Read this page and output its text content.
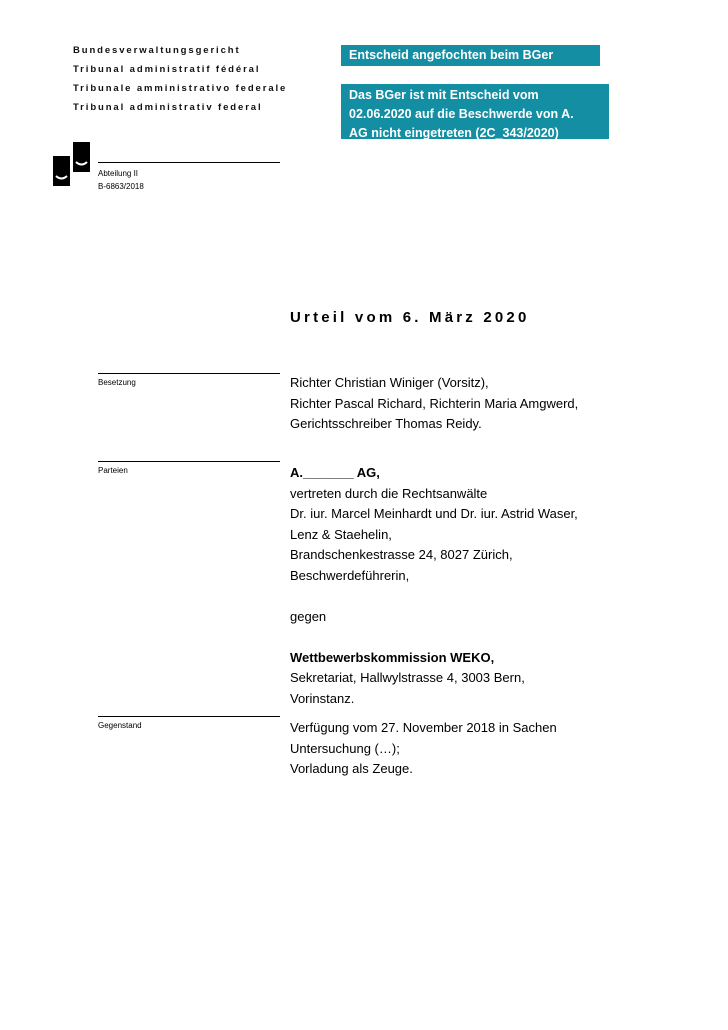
Bundesverwaltungsgericht
Tribunal administratif fédéral
Tribunale amministrativo federale
Tribunal administrativ federal
Abteilung II
B-6863/2018
Entscheid angefochten beim BGer
Das BGer ist mit Entscheid vom
02.06.2020 auf die Beschwerde von A.
AG nicht eingetreten (2C_343/2020)
Urteil vom 6. März 2020
Besetzung	Richter Christian Winiger (Vorsitz),
Richter Pascal Richard, Richterin Maria Amgwerd,
Gerichtsschreiber Thomas Reidy.
Parteien	A._______ AG,
vertreten durch die Rechtsanwälte
Dr. iur. Marcel Meinhardt und Dr. iur. Astrid Waser,
Lenz & Staehelin,
Brandschenkestrasse 24, 8027 Zürich,
Beschwerdeführerin,
gegen
Wettbewerbskommission WEKO,
Sekretariat, Hallwylstrasse 4, 3003 Bern,
Vorinstanz.
Gegenstand	Verfügung vom 27. November 2018 in Sachen
Untersuchung (…);
Vorladung als Zeuge.
